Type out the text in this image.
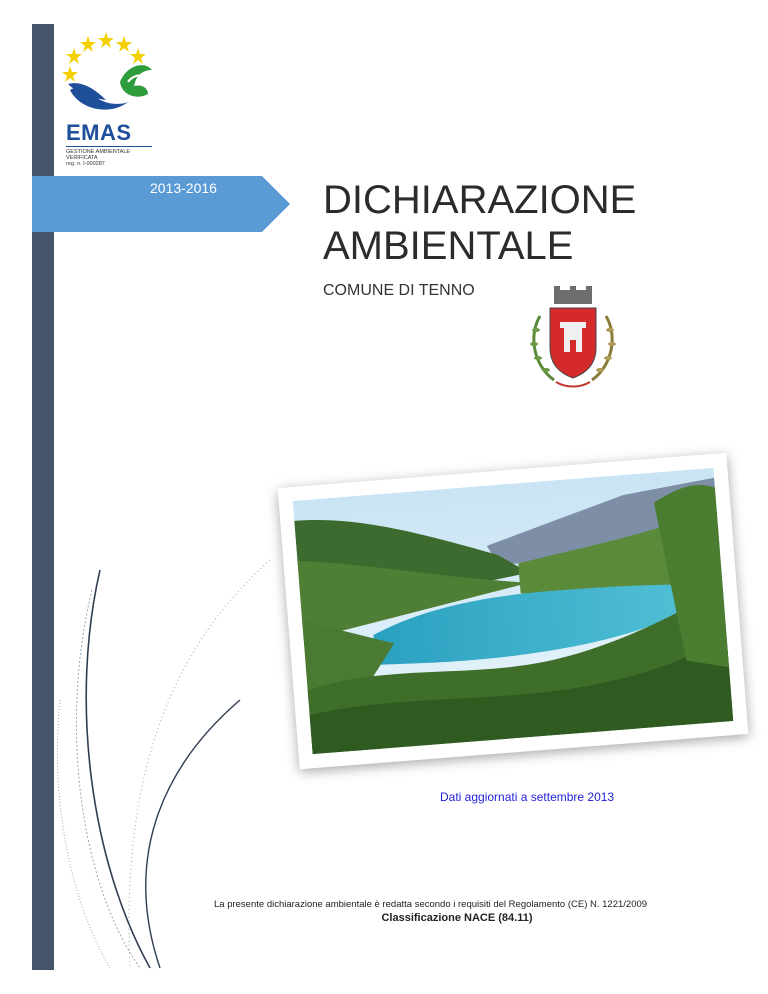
EMAS
GESTIONE AMBIENTALE
VERIFICATA
reg. n. I-000287
2013-2016	DICHIARAZIONE
AMBIENTALE
COMUNE DI TENNO
Dati aggiornati a settembre 2013
La presente dichiarazione ambientale è redatta secondo i requisiti del Regolamento (CE) N. 1221/2009
Classificazione NACE (84.11)
